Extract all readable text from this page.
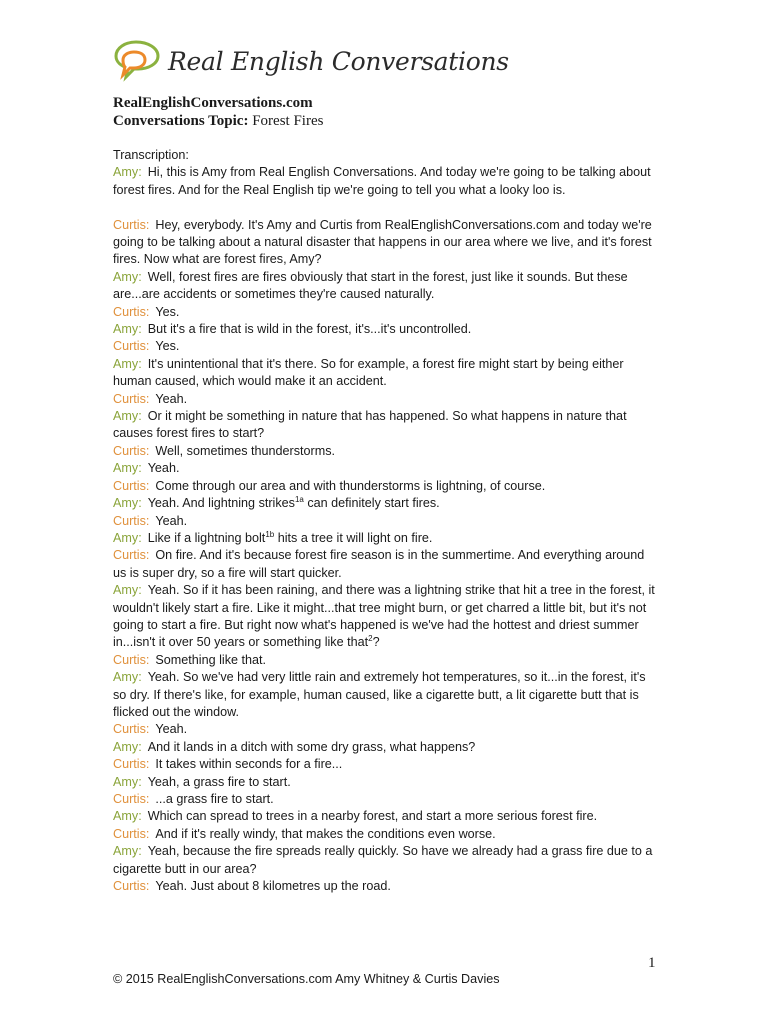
Real English Conversations
RealEnglishConversations.com
Conversations Topic: Forest Fires
Transcription:
Amy: Hi, this is Amy from Real English Conversations. And today we're going to be talking about forest fires. And for the Real English tip we're going to tell you what a looky loo is.
Curtis: Hey, everybody. It's Amy and Curtis from RealEnglishConversations.com and today we're going to be talking about a natural disaster that happens in our area where we live, and it's forest fires. Now what are forest fires, Amy?
Amy: Well, forest fires are fires obviously that start in the forest, just like it sounds. But these are...are accidents or sometimes they're caused naturally.
Curtis: Yes.
Amy: But it's a fire that is wild in the forest, it's...it's uncontrolled.
Curtis: Yes.
Amy: It's unintentional that it's there. So for example, a forest fire might start by being either human caused, which would make it an accident.
Curtis: Yeah.
Amy: Or it might be something in nature that has happened. So what happens in nature that causes forest fires to start?
Curtis: Well, sometimes thunderstorms.
Amy: Yeah.
Curtis: Come through our area and with thunderstorms is lightning, of course.
Amy: Yeah. And lightning strikes$^{1a}$ can definitely start fires.
Curtis: Yeah.
Amy: Like if a lightning bolt$^{1b}$ hits a tree it will light on fire.
Curtis: On fire. And it's because forest fire season is in the summertime. And everything around us is super dry, so a fire will start quicker.
Amy: Yeah. So if it has been raining, and there was a lightning strike that hit a tree in the forest, it wouldn't likely start a fire. Like it might...that tree might burn, or get charred a little bit, but it's not going to start a fire. But right now what's happened is we've had the hottest and driest summer in...isn't it over 50 years or something like that$^2$?
Curtis: Something like that.
Amy: Yeah. So we've had very little rain and extremely hot temperatures, so it...in the forest, it's so dry. If there's like, for example, human caused, like a cigarette butt, a lit cigarette butt that is flicked out the window.
Curtis: Yeah.
Amy: And it lands in a ditch with some dry grass, what happens?
Curtis: It takes within seconds for a fire...
Amy: Yeah, a grass fire to start.
Curtis: ...a grass fire to start.
Amy: Which can spread to trees in a nearby forest, and start a more serious forest fire.
Curtis: And if it's really windy, that makes the conditions even worse.
Amy: Yeah, because the fire spreads really quickly. So have we already had a grass fire due to a cigarette butt in our area?
Curtis: Yeah. Just about 8 kilometres up the road.
1
© 2015 RealEnglishConversations.com Amy Whitney & Curtis Davies
